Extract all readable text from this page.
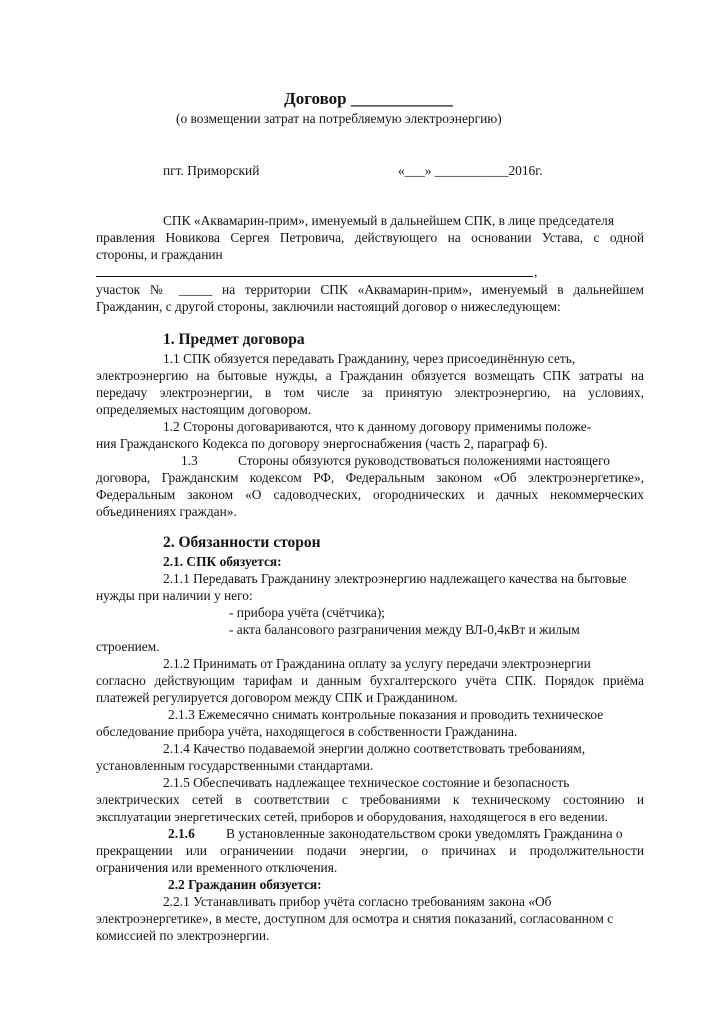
Договор ____________
(о возмещении затрат на потребляемую электроэнергию)
пгт. Приморский	«___» ___________2016г.
СПК «Аквамарин-прим», именуемый в дальнейшем СПК, в лице председателя
правления Новикова Сергея Петровича, действующего на основании Устава, с одной
стороны, и гражданин
,
участок № _____ на территории СПК «Аквамарин-прим», именуемый в дальнейшем
Гражданин, с другой стороны, заключили настоящий договор о нижеследующем:
1. Предмет договора
1.1 СПК обязуется передавать Гражданину, через присоединённую сеть,
электроэнергию на бытовые нужды, а Гражданин обязуется возмещать СПК затраты на
передачу электроэнергии, в том числе за принятую электроэнергию, на условиях,
определяемых настоящим договором.
1.2 Стороны договариваются, что к данному договору применимы положе-
ния Гражданского Кодекса по договору энергоснабжения (часть 2, параграф 6).
1.3	Стороны обязуются руководствоваться положениями настоящего
договора, Гражданским кодексом РФ, Федеральным законом «Об электроэнергетике»,
Федеральным законом «О садоводческих, огороднических и дачных некоммерческих
объединениях граждан».
2. Обязанности сторон
2.1. СПК обязуется:
2.1.1 Передавать Гражданину электроэнергию надлежащего качества на бытовые
нужды при наличии у него:
- прибора учёта (счётчика);
- акта балансового разграничения между ВЛ-0,4кВт и жилым
строением.
2.1.2 Принимать от Гражданина оплату за услугу передачи электроэнергии
согласно действующим тарифам и данным бухгалтерского учёта СПК. Порядок приёма
платежей регулируется договором между СПК и Гражданином.
2.1.3 Ежемесячно снимать контрольные показания и проводить техническое
обследование прибора учёта, находящегося в собственности Гражданина.
2.1.4 Качество подаваемой энергии должно соответствовать требованиям,
установленным государственными стандартами.
2.1.5 Обеспечивать надлежащее техническое состояние и безопасность
электрических сетей в соответствии с требованиями к техническому состоянию и
эксплуатации энергетических сетей, приборов и оборудования, находящегося в его ведении.
2.1.6 В установленные законодательством сроки уведомлять Гражданина о
прекращении или ограничении подачи энергии, о причинах и продолжительности
ограничения или временного отключения.
2.2 Гражданин обязуется:
2.2.1 Устанавливать прибор учёта согласно требованиям закона «Об
электроэнергетике», в месте, доступном для осмотра и снятия показаний, согласованном с
комиссией по электроэнергии.
